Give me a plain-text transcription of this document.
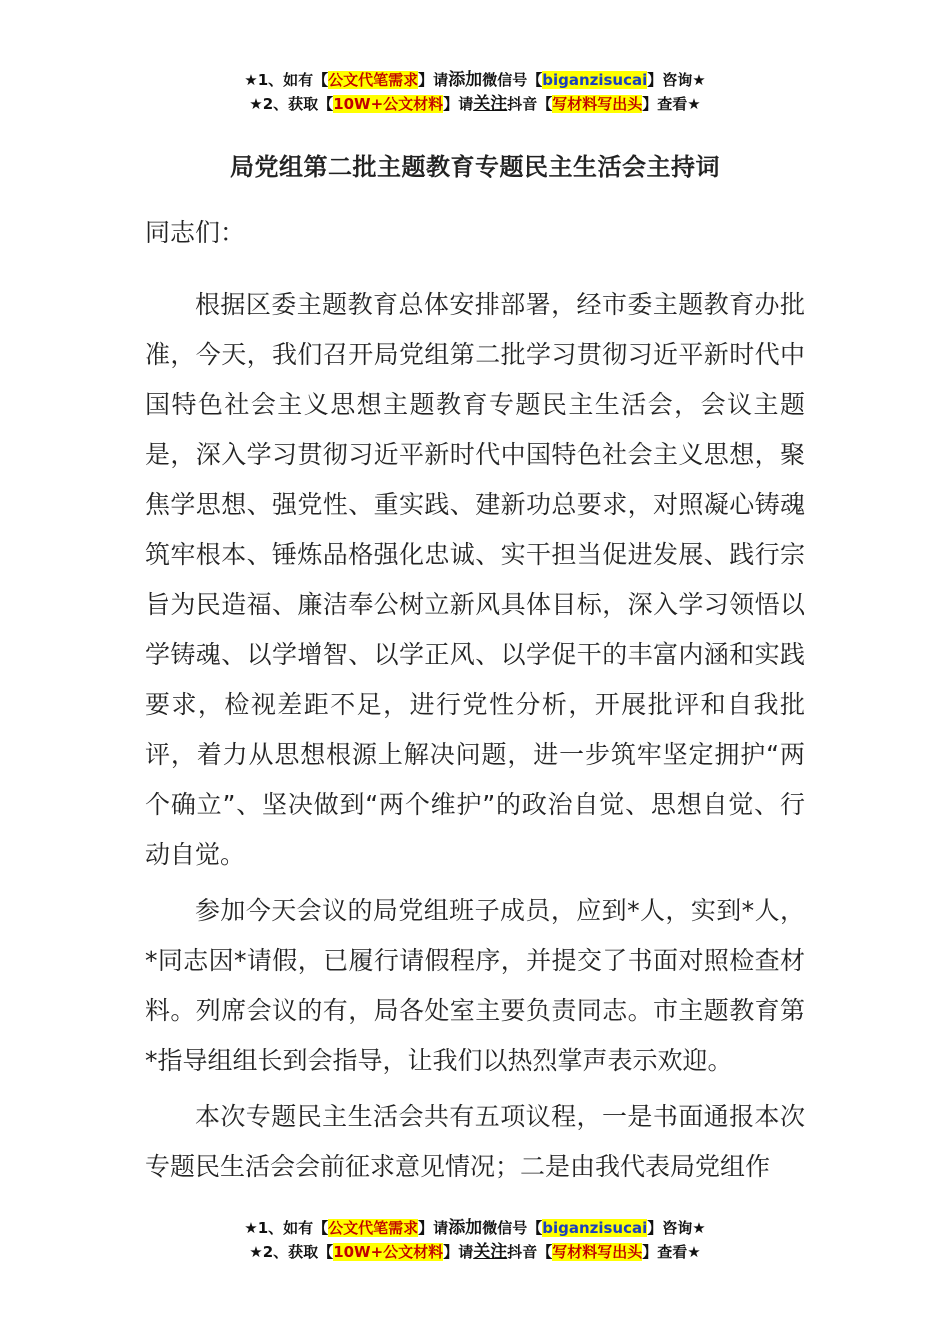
★1、如有【公文代笔需求】请添加微信号【biganzisucai】咨询★
★2、获取【10W+公文材料】请关注抖音【写材料写出头】查看★
局党组第二批主题教育专题民主生活会主持词

同志们：

根据区委主题教育总体安排部署，经市委主题教育办批准，今天，我们召开局党组第二批学习贯彻习近平新时代中国特色社会主义思想主题教育专题民主生活会，会议主题是，深入学习贯彻习近平新时代中国特色社会主义思想，聚焦学思想、强党性、重实践、建新功总要求，对照凝心铸魂筑牢根本、锤炼品格强化忠诚、实干担当促进发展、践行宗旨为民造福、廉洁奉公树立新风具体目标，深入学习领悟以学铸魂、以学增智、以学正风、以学促干的丰富内涵和实践要求，检视差距不足，进行党性分析，开展批评和自我批评，着力从思想根源上解决问题，进一步筑牢坚定拥护“两个确立”、坚决做到“两个维护”的政治自觉、思想自觉、行动自觉。

参加今天会议的局党组班子成员，应到*人，实到*人，*同志因*请假，已履行请假程序，并提交了书面对照检查材料。列席会议的有，局各处室主要负责同志。市主题教育第*指导组组长到会指导，让我们以热烈掌声表示欢迎。

本次专题民主生活会共有五项议程，一是书面通报本次专题民生活会会前征求意见情况；二是由我代表局党组作

★1、如有【公文代笔需求】请添加微信号【biganzisucai】咨询★
★2、获取【10W+公文材料】请关注抖音【写材料写出头】查看★
